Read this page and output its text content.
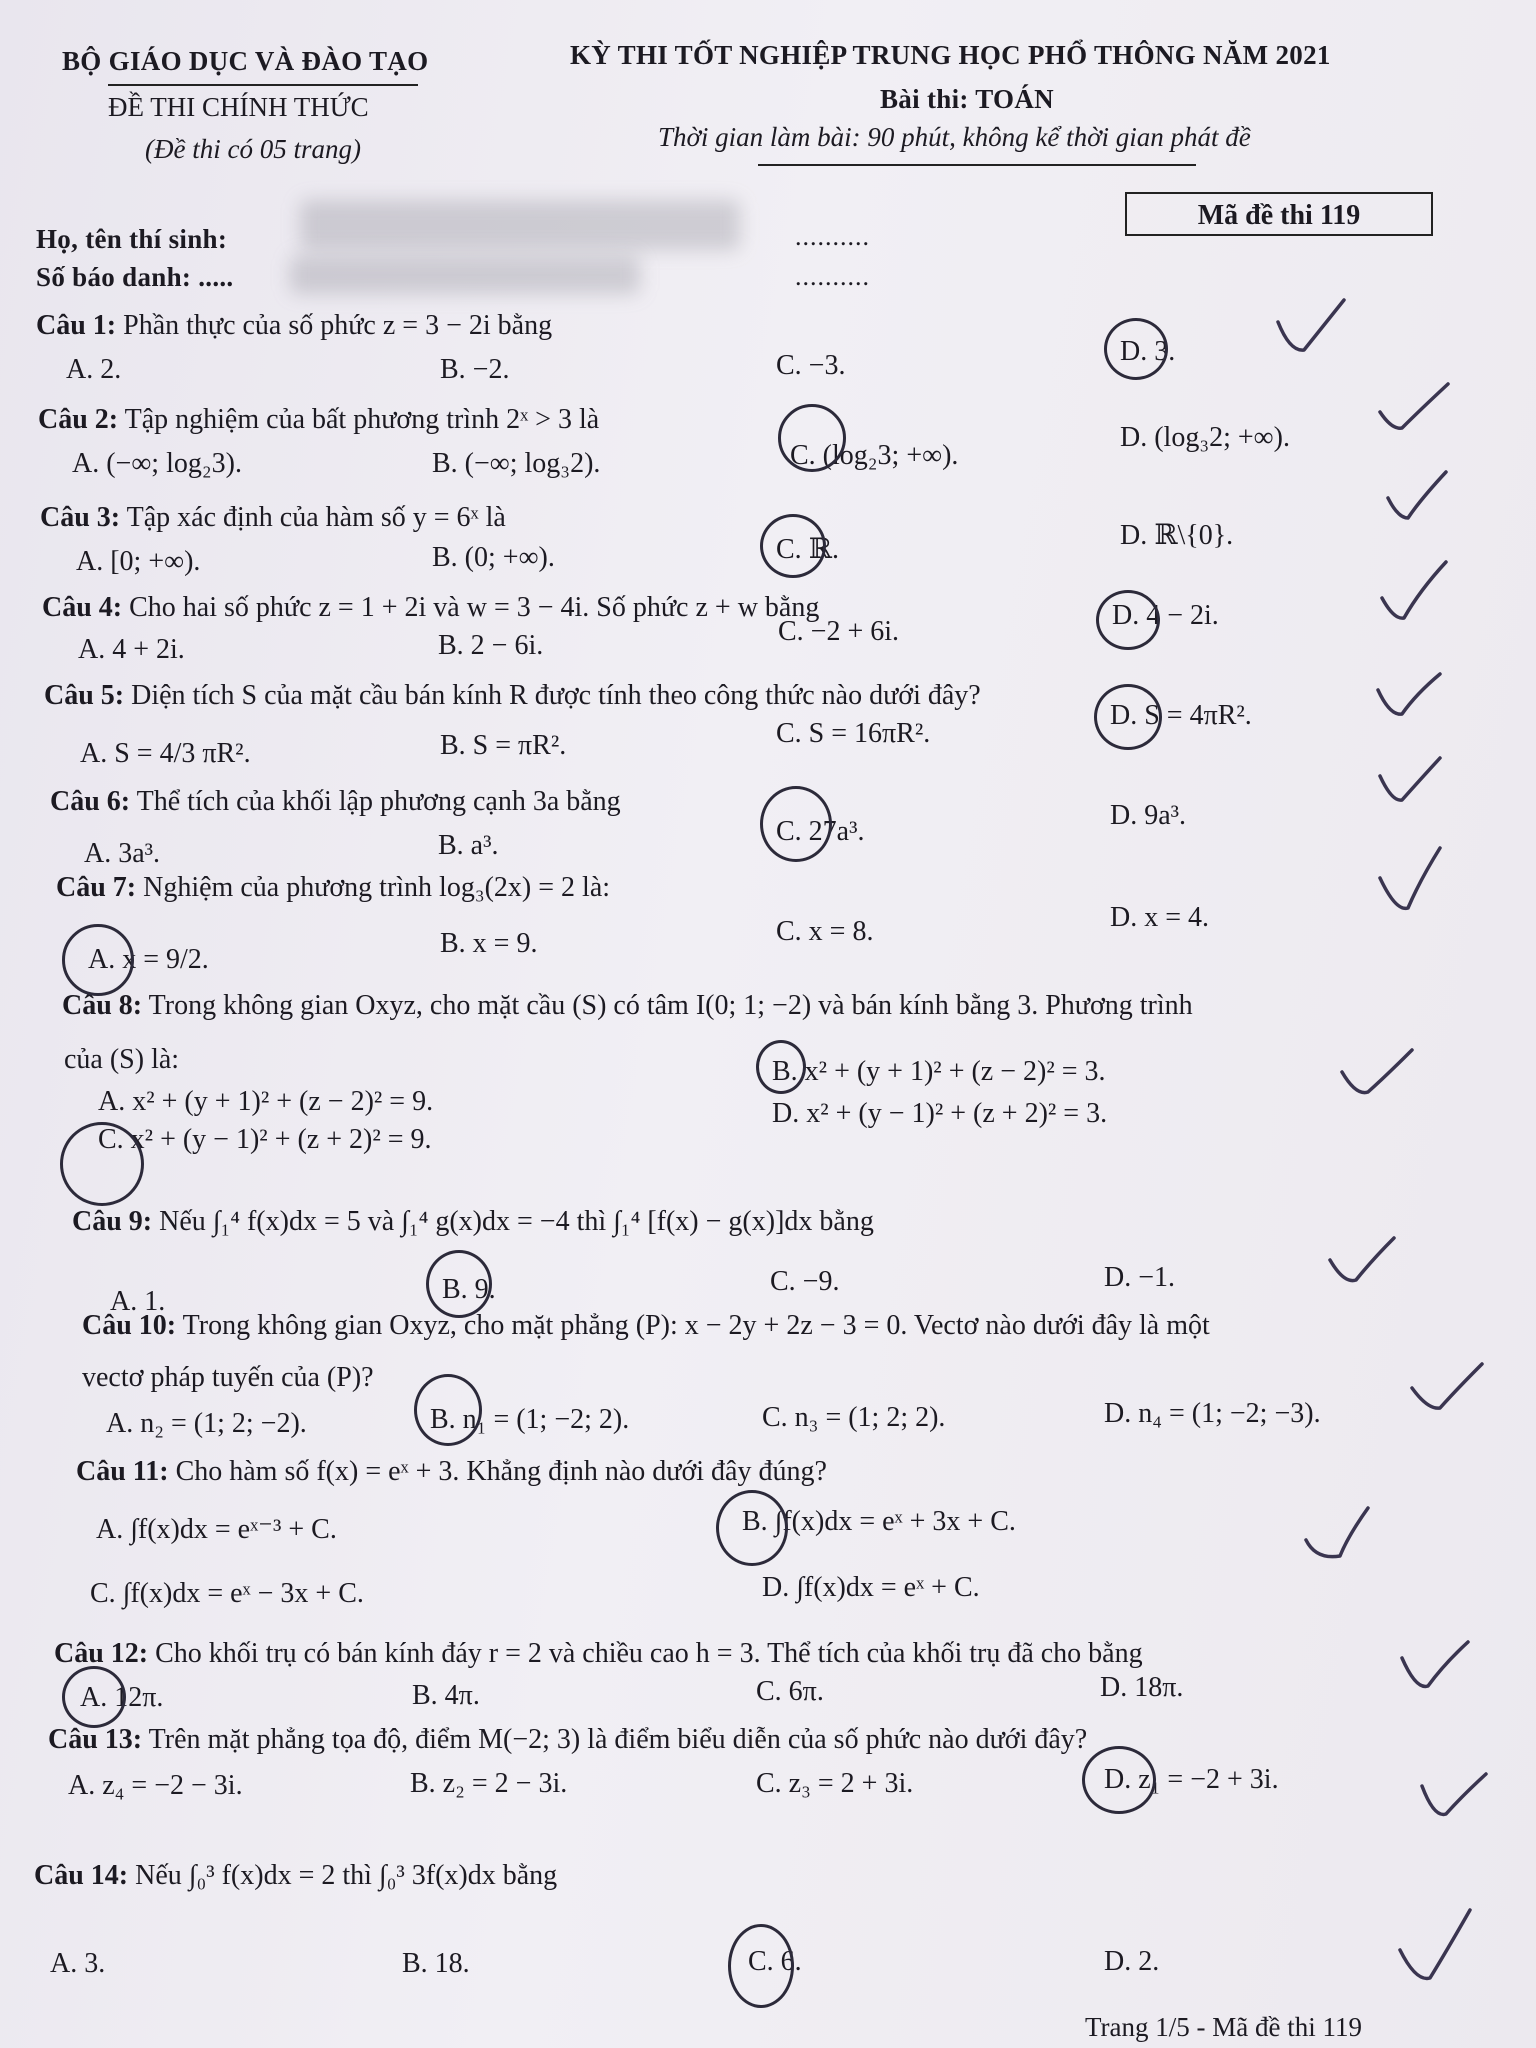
BỘ GIÁO DỤC VÀ ĐÀO TẠO
ĐỀ THI CHÍNH THỨC
(Đề thi có 05 trang)
KỲ THI TỐT NGHIỆP TRUNG HỌC PHỔ THÔNG NĂM 2021
Bài thi: TOÁN
Thời gian làm bài: 90 phút, không kể thời gian phát đề
Họ, tên thí sinh:	..........
Số báo danh: .....	..........
Mã đề thi 119
Câu 1: Phần thực của số phức z = 3 − 2i bằng
A. 2.	B. −2.	C. −3.	D. 3.
Câu 2: Tập nghiệm của bất phương trình 2ˣ > 3 là
A. (−∞; log₂3).	B. (−∞; log₃2).	C. (log₂3; +∞).
D. (log₃2; +∞).
Câu 3: Tập xác định của hàm số y = 6ˣ là
A. [0; +∞).	B. (0; +∞).	C. ℝ.	D. ℝ\{0}.
Câu 4: Cho hai số phức z = 1 + 2i và w = 3 − 4i. Số phức z + w bằng
A. 4 + 2i.	B. 2 − 6i.	C. −2 + 6i.
D. 4 − 2i.
Câu 5: Diện tích S của mặt cầu bán kính R được tính theo công thức nào dưới đây?
A. S = 4/3 πR².	B. S = πR².	C. S = 16πR².
D. S = 4πR².
Câu 6: Thể tích của khối lập phương cạnh 3a bằng
A. 3a³.	B. a³.	C. 27a³.
D. 9a³.
Câu 7: Nghiệm của phương trình log₃(2x) = 2 là:
A. x = 9/2.
B. x = 9.	C. x = 8.	D. x = 4.
Câu 8: Trong không gian Oxyz, cho mặt cầu (S) có tâm I(0; 1; −2) và bán kính bằng 3. Phương trình
của (S) là:
A. x² + (y + 1)² + (z − 2)² = 9.
B. x² + (y + 1)² + (z − 2)² = 3.
C. x² + (y − 1)² + (z + 2)² = 9.
D. x² + (y − 1)² + (z + 2)² = 3.
Câu 9: Nếu ∫₁⁴ f(x)dx = 5 và ∫₁⁴ g(x)dx = −4 thì ∫₁⁴ [f(x) − g(x)]dx bằng
A. 1.	B. 9.	C. −9.	D. −1.
Câu 10: Trong không gian Oxyz, cho mặt phẳng (P): x − 2y + 2z − 3 = 0. Vectơ nào dưới đây là một
vectơ pháp tuyến của (P)?
A. n₂ = (1; 2; −2).	B. n₁ = (1; −2; 2).	C. n₃ = (1; 2; 2).	D. n₄ = (1; −2; −3).
Câu 11: Cho hàm số f(x) = eˣ + 3. Khẳng định nào dưới đây đúng?
A. ∫f(x)dx = eˣ⁻³ + C.	B. ∫f(x)dx = eˣ + 3x + C.
C. ∫f(x)dx = eˣ − 3x + C.	D. ∫f(x)dx = eˣ + C.
Câu 12: Cho khối trụ có bán kính đáy r = 2 và chiều cao h = 3. Thể tích của khối trụ đã cho bằng
A. 12π.	B. 4π.	C. 6π.	D. 18π.
Câu 13: Trên mặt phẳng tọa độ, điểm M(−2; 3) là điểm biểu diễn của số phức nào dưới đây?
A. z₄ = −2 − 3i.	B. z₂ = 2 − 3i.	C. z₃ = 2 + 3i.	D. z₁ = −2 + 3i.
Câu 14: Nếu ∫₀³ f(x)dx = 2 thì ∫₀³ 3f(x)dx bằng
A. 3.	B. 18.	C. 6.	D. 2.
Trang 1/5 - Mã đề thi 119
